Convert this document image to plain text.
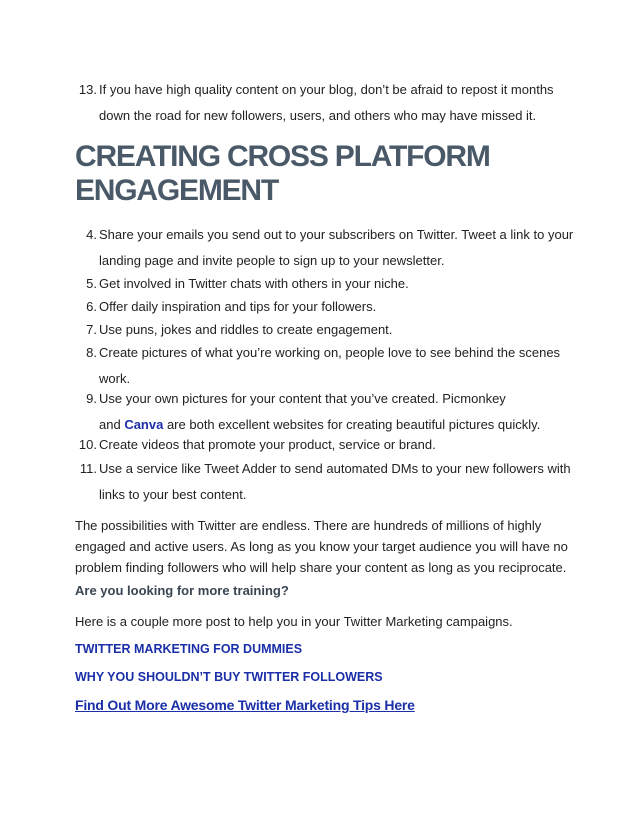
13. If you have high quality content on your blog, don’t be afraid to repost it months
down the road for new followers, users, and others who may have missed it.
CREATING CROSS PLATFORM
ENGAGEMENT
4. Share your emails you send out to your subscribers on Twitter. Tweet a link to your
landing page and invite people to sign up to your newsletter.
5. Get involved in Twitter chats with others in your niche.
6. Offer daily inspiration and tips for your followers.
7. Use puns, jokes and riddles to create engagement.
8. Create pictures of what you’re working on, people love to see behind the scenes
work.
9. Use your own pictures for your content that you’ve created. Picmonkey
and Canva are both excellent websites for creating beautiful pictures quickly.
10. Create videos that promote your product, service or brand.
11. Use a service like Tweet Adder to send automated DMs to your new followers with
links to your best content.
The possibilities with Twitter are endless. There are hundreds of millions of highly
engaged and active users. As long as you know your target audience you will have no
problem finding followers who will help share your content as long as you reciprocate.
Are you looking for more training?
Here is a couple more post to help you in your Twitter Marketing campaigns.
TWITTER MARKETING FOR DUMMIES
WHY YOU SHOULDN’T BUY TWITTER FOLLOWERS
Find Out More Awesome Twitter Marketing Tips Here
